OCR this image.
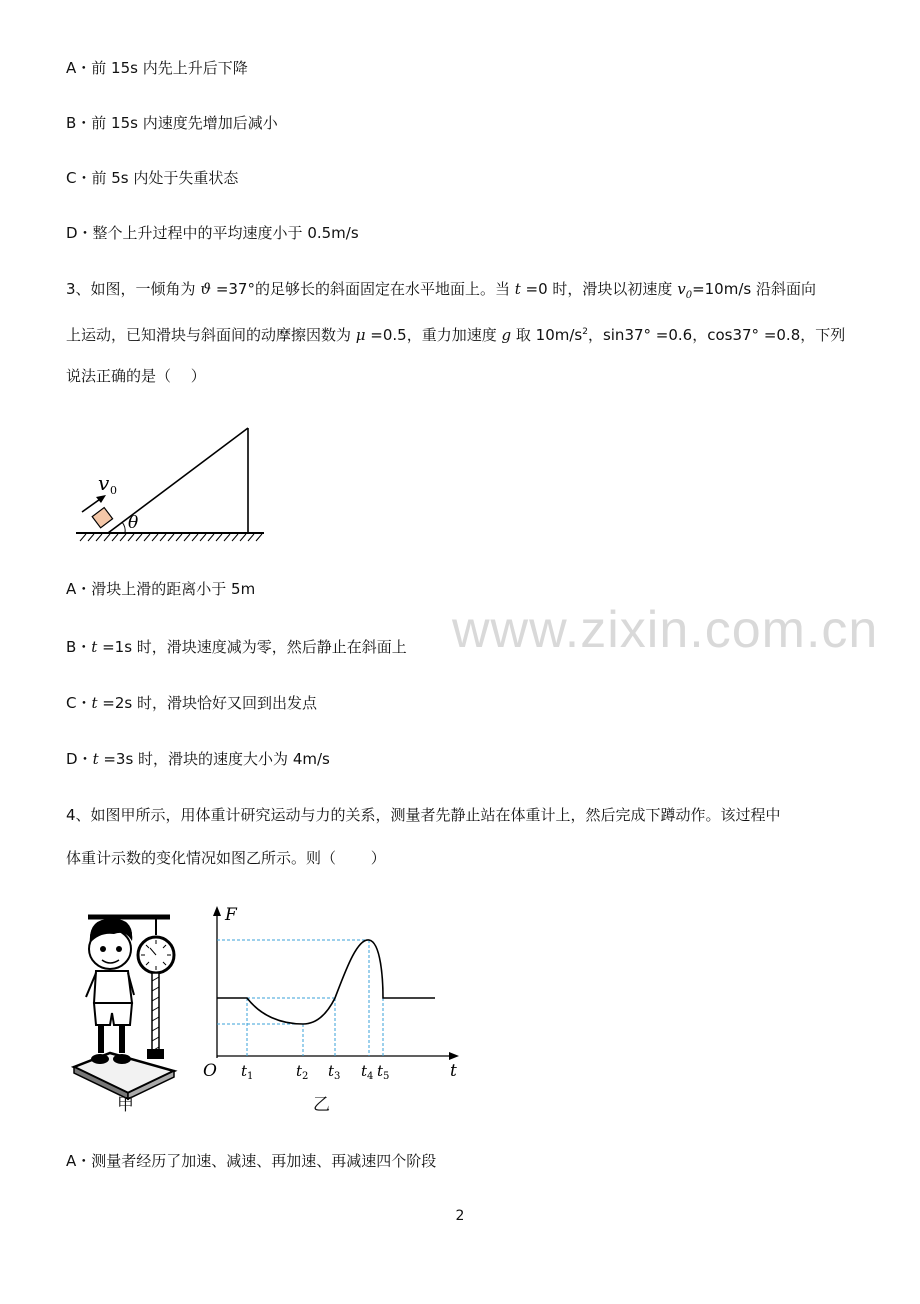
A・前 15s 内先上升后下降
B・前 15s 内速度先增加后减小
C・前 5s 内处于失重状态
D・整个上升过程中的平均速度小于 0.5m/s
3、如图，一倾角为 ϑ =37°的足够长的斜面固定在水平地面上。当 t =0 时，滑块以初速度 $v_0=10m/s$ 沿斜面向
上运动，已知滑块与斜面间的动摩擦因数为 μ =0.5，重力加速度 g 取 $10m/s^2$，sin37° =0.6，cos37° =0.8，下列
说法正确的是（　 ）
v 0
θ
A・滑块上滑的距离小于 5m
B・t =1s 时，滑块速度减为零，然后静止在斜面上
C・t =2s 时，滑块恰好又回到出发点
D・t =3s 时，滑块的速度大小为 4m/s
www.zixin.com.cn
4、如图甲所示，用体重计研究运动与力的关系，测量者先静止站在体重计上，然后完成下蹲动作。该过程中
体重计示数的变化情况如图乙所示。则（　　 ）
甲
F
t
O $t_1$	$t_2$ $t_3$ $t_4$ $t_5$
乙
A・测量者经历了加速、减速、再加速、再减速四个阶段
2
